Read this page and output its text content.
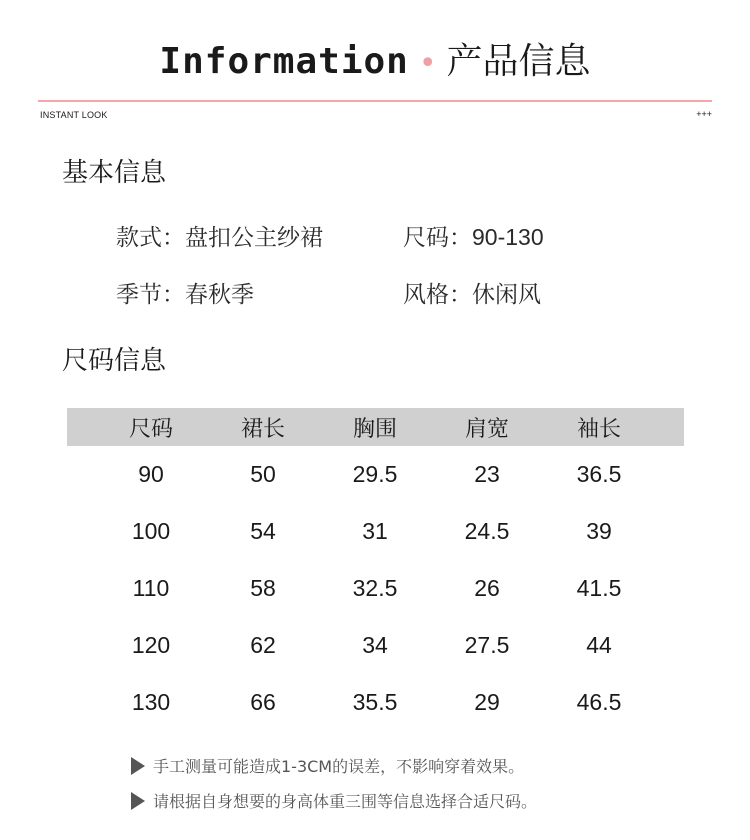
Information • 产品信息
INSTANT LOOK	+++
基本信息
款式：盘扣公主纱裙	尺码：90-130
季节：春秋季	风格：休闲风
尺码信息
尺码	裙长	胸围	肩宽	袖长
90	50	29.5	23	36.5
100	54	31	24.5	39
110	58	32.5	26	41.5
120	62	34	27.5	44
130	66	35.5	29	46.5
手工测量可能造成1-3CM的误差，不影响穿着效果。
请根据自身想要的身高体重三围等信息选择合适尺码。
